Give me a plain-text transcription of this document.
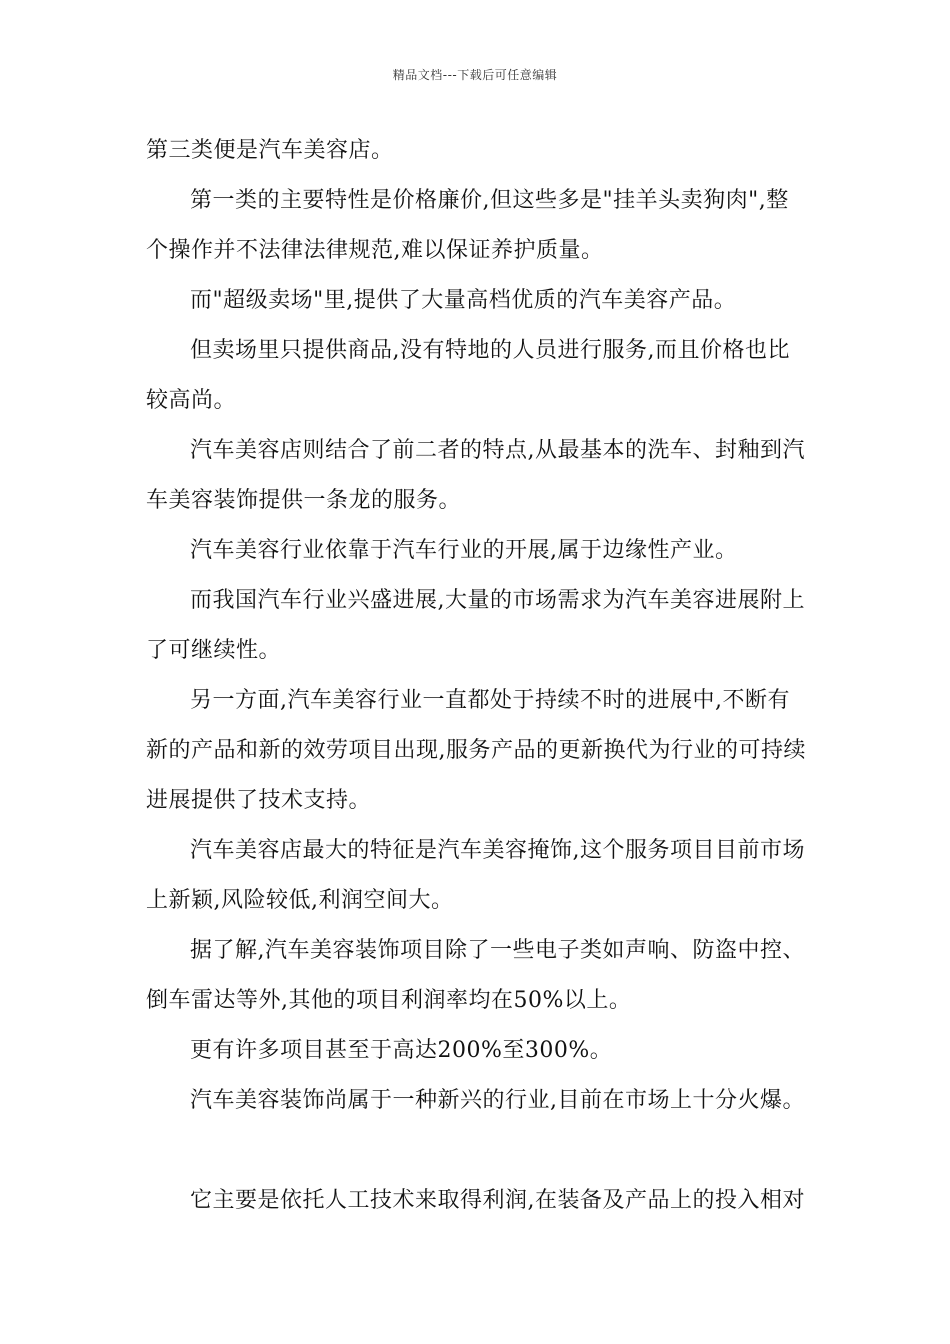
精品文档---下载后可任意编辑
第三类便是汽车美容店。
第一类的主要特性是价格廉价,但这些多是"挂羊头卖狗肉",整
个操作并不法律法律规范,难以保证养护质量。
而"超级卖场"里,提供了大量高档优质的汽车美容产品。
但卖场里只提供商品,没有特地的人员进行服务,而且价格也比
较高尚。
汽车美容店则结合了前二者的特点,从最基本的洗车、封釉到汽
车美容装饰提供一条龙的服务。
汽车美容行业依靠于汽车行业的开展,属于边缘性产业。
而我国汽车行业兴盛进展,大量的市场需求为汽车美容进展附上
了可继续性。
另一方面,汽车美容行业一直都处于持续不时的进展中,不断有
新的产品和新的效劳项目出现,服务产品的更新换代为行业的可持续
进展提供了技术支持。
汽车美容店最大的特征是汽车美容掩饰,这个服务项目目前市场
上新颖,风险较低,利润空间大。
据了解,汽车美容装饰项目除了一些电子类如声响、防盗中控、
倒车雷达等外,其他的项目利润率均在50%以上。
更有许多项目甚至于高达200%至300%。
汽车美容装饰尚属于一种新兴的行业,目前在市场上十分火爆。
它主要是依托人工技术来取得利润,在装备及产品上的投入相对
